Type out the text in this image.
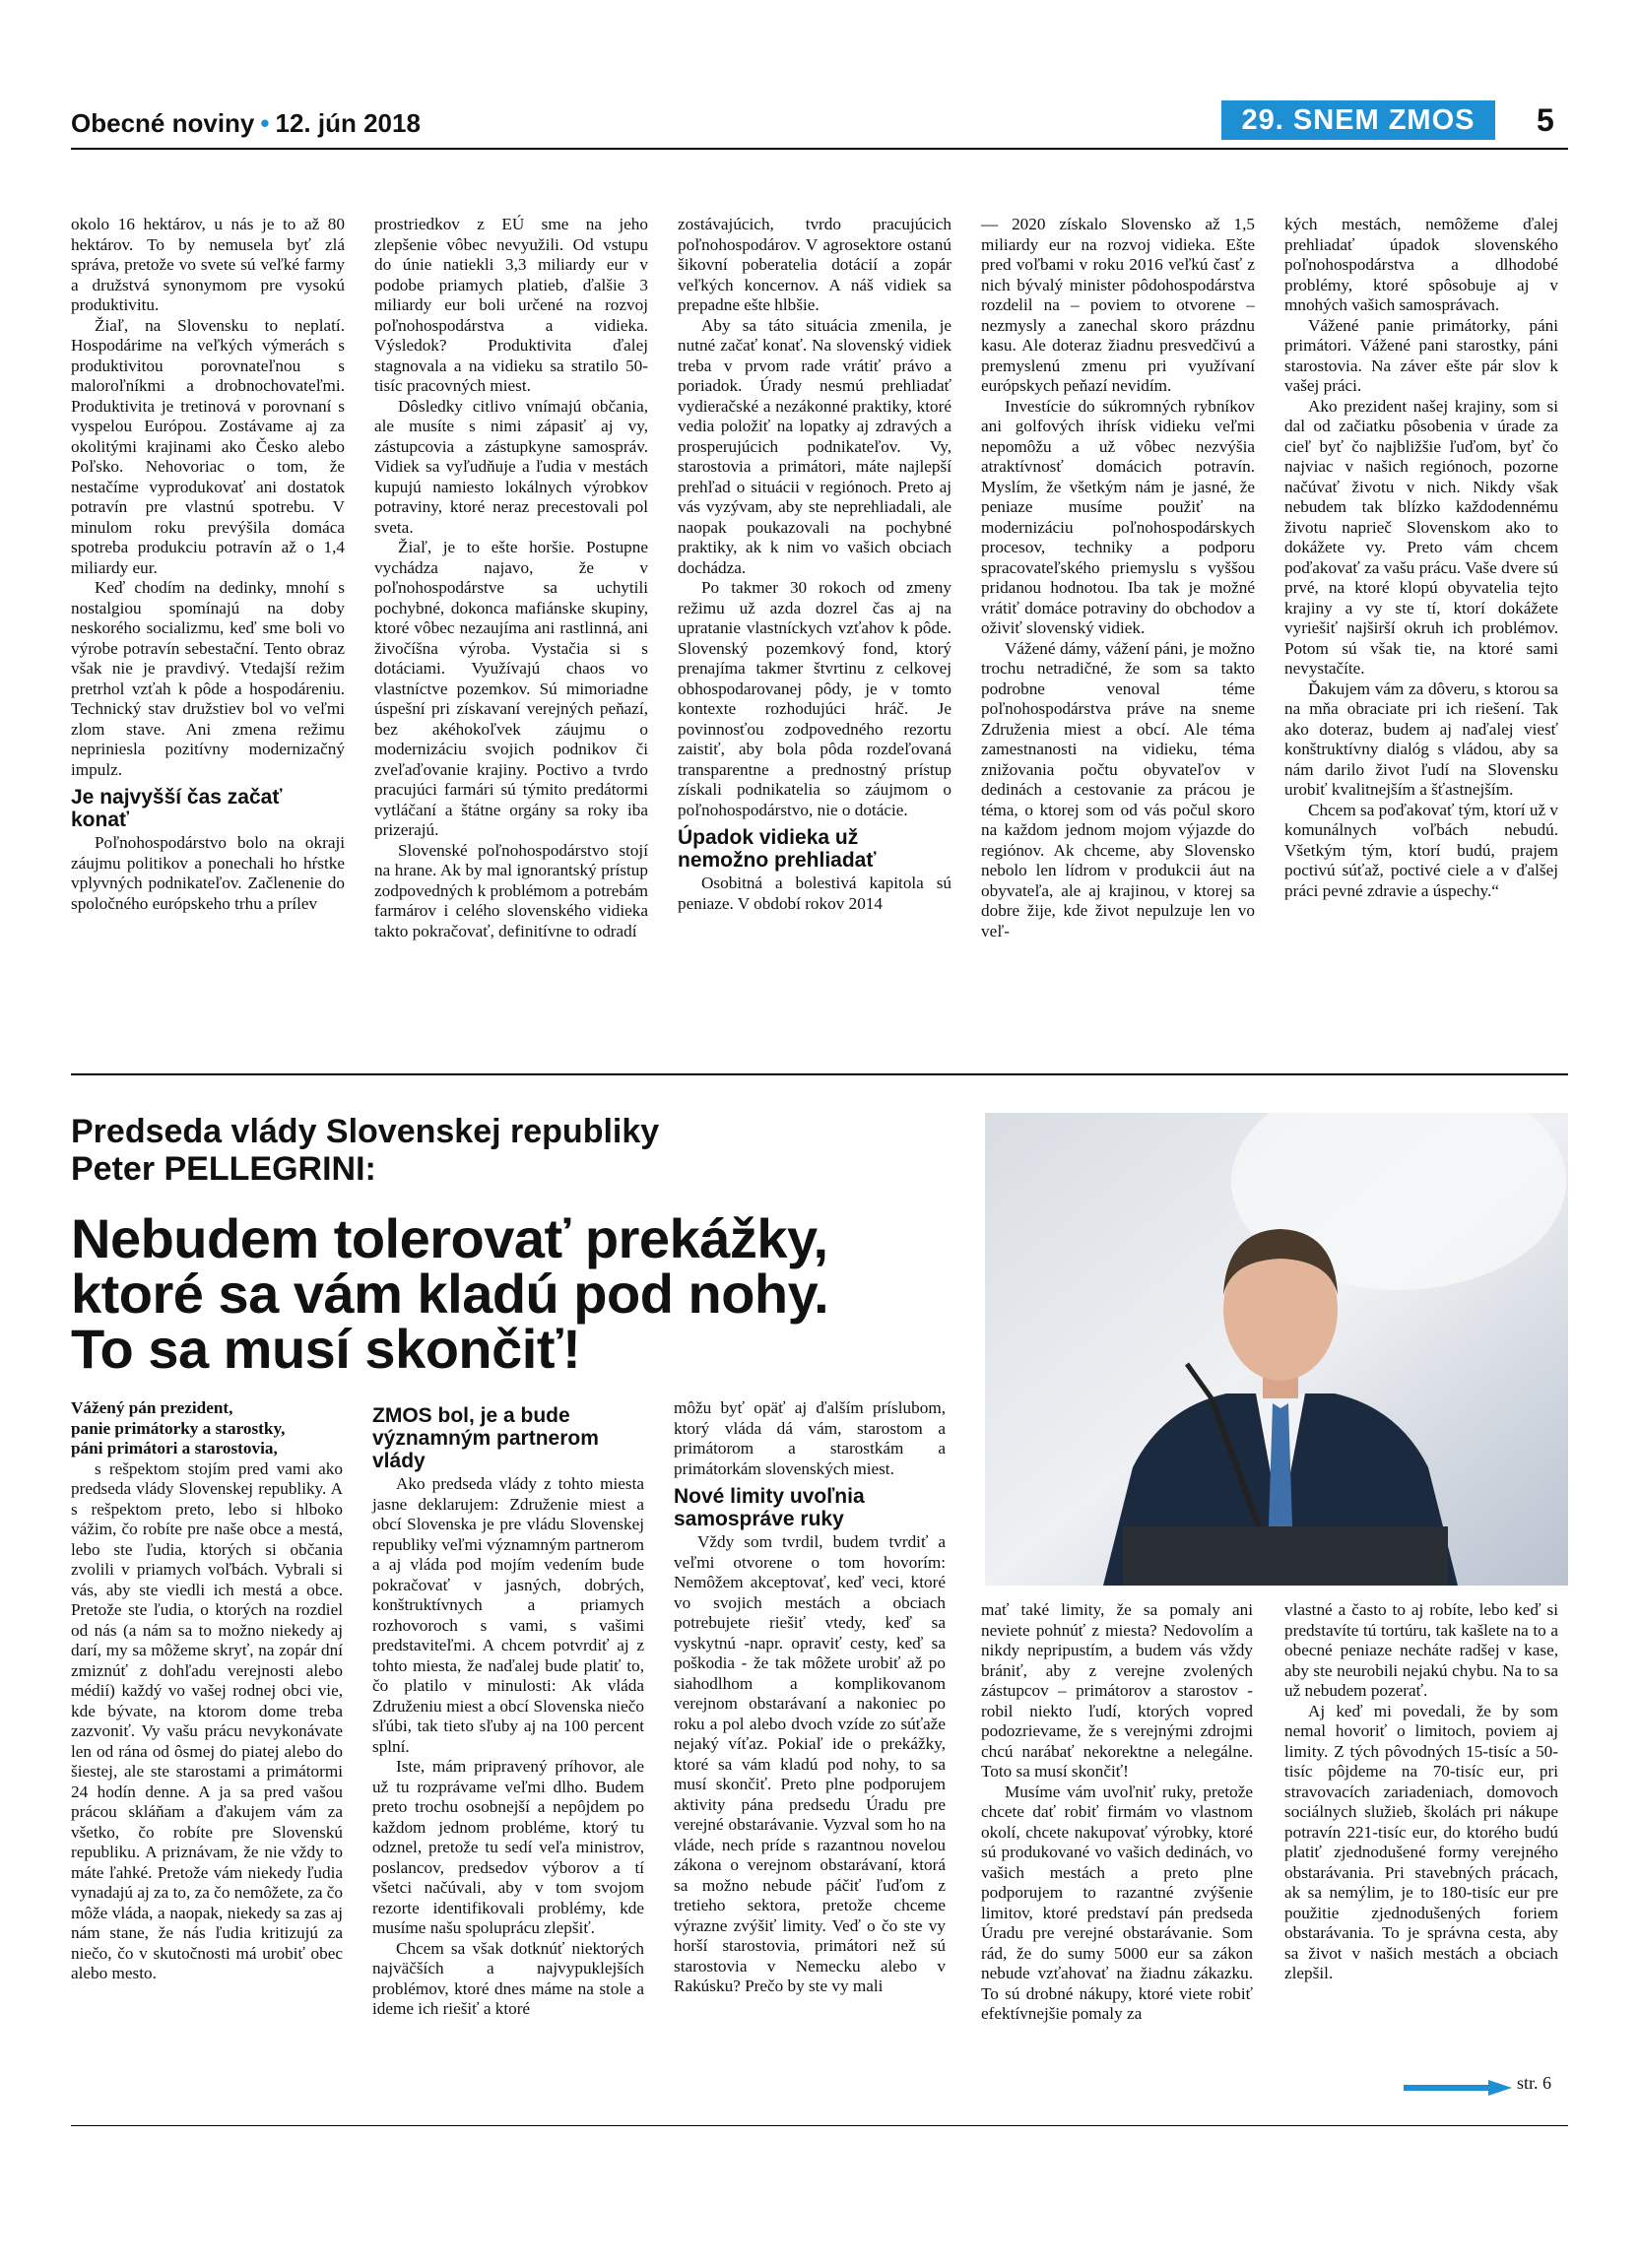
Obecné noviny • 12. jún 2018	29. SNEM ZMOS	5

okolo 16 hektárov, u nás je to až 80 hektárov. To by nemusela byť zlá správa, pretože vo svete sú veľké farmy a družstvá synonymom pre vysokú produktivitu.

Žiaľ, na Slovensku to neplatí. Hospodárime na veľkých výmerách s produktivitou porovnateľnou s maloroľníkmi a drobnochovateľmi. Produktivita je tretinová v porovnaní s vyspelou Európou. Zostávame aj za okolitými krajinami ako Česko alebo Poľsko. Nehovoriac o tom, že nestačíme vyprodukovať ani dostatok potravín pre vlastnú spotrebu. V minulom roku prevýšila domáca spotreba produkciu potravín až o 1,4 miliardy eur.

Keď chodím na dedinky, mnohí s nostalgiou spomínajú na doby neskorého socializmu, keď sme boli vo výrobe potravín sebestační. Tento obraz však nie je pravdivý. Vtedajší režim pretrhol vzťah k pôde a hospodáreniu. Technický stav družstiev bol vo veľmi zlom stave. Ani zmena režimu nepriniesla pozitívny modernizačný impulz.

Je najvyšší čas začať konať

Poľnohospodárstvo bolo na okraji záujmu politikov a ponechali ho hŕstke vplyvných podnikateľov. Začlenenie do spoločného európskeho trhu a prílev

prostriedkov z EÚ sme na jeho zlepšenie vôbec nevyužili. Od vstupu do únie natiekli 3,3 miliardy eur v podobe priamych platieb, ďalšie 3 miliardy eur boli určené na rozvoj poľnohospodárstva a vidieka. Výsledok? Produktivita ďalej stagnovala a na vidieku sa stratilo 50-tisíc pracovných miest.

Dôsledky citlivo vnímajú občania, ale musíte s nimi zápasiť aj vy, zástupcovia a zástupkyne samospráv. Vidiek sa vyľudňuje a ľudia v mestách kupujú namiesto lokálnych výrobkov potraviny, ktoré neraz precestovali pol sveta.

Žiaľ, je to ešte horšie. Postupne vychádza najavo, že v poľnohospodárstve sa uchytili pochybné, dokonca mafiánske skupiny, ktoré vôbec nezaujíma ani rastlinná, ani živočíšna výroba. Vystačia si s dotáciami. Využívajú chaos vo vlastníctve pozemkov. Sú mimoriadne úspešní pri získavaní verejných peňazí, bez akéhokoľvek záujmu o modernizáciu svojich podnikov či zveľaďovanie krajiny. Poctivo a tvrdo pracujúci farmári sú týmito predátormi vytláčaní a štátne orgány sa roky iba prizerajú.

Slovenské poľnohospodárstvo stojí na hrane. Ak by mal ignorantský prístup zodpovedných k problémom a potrebám farmárov i celého slovenského vidieka takto pokračovať, definitívne to odradí

zostávajúcich, tvrdo pracujúcich poľnohospodárov. V agrosektore ostanú šikovní poberatelia dotácií a zopár veľkých koncernov. A náš vidiek sa prepadne ešte hlbšie.

Aby sa táto situácia zmenila, je nutné začať konať. Na slovenský vidiek treba v prvom rade vrátiť právo a poriadok. Úrady nesmú prehliadať vydieračské a nezákonné praktiky, ktoré vedia položiť na lopatky aj zdravých a prosperujúcich podnikateľov. Vy, starostovia a primátori, máte najlepší prehľad o situácii v regiónoch. Preto aj vás vyzývam, aby ste neprehliadali, ale naopak poukazovali na pochybné praktiky, ak k nim vo vašich obciach dochádza.

Po takmer 30 rokoch od zmeny režimu už azda dozrel čas aj na upratanie vlastníckych vzťahov k pôde. Slovenský pozemkový fond, ktorý prenajíma takmer štvrtinu z celkovej obhospodarovanej pôdy, je v tomto kontexte rozhodujúci hráč. Je povinnosťou zodpovedného rezortu zaistiť, aby bola pôda rozdeľovaná transparentne a prednostný prístup získali podnikatelia so záujmom o poľnohospodárstvo, nie o dotácie.

Úpadok vidieka už nemožno prehliadať

Osobitná a bolestivá kapitola sú peniaze. V období rokov 2014

— 2020 získalo Slovensko až 1,5 miliardy eur na rozvoj vidieka. Ešte pred voľbami v roku 2016 veľkú časť z nich bývalý minister pôdohospodárstva rozdelil na – poviem to otvorene – nezmysly a zanechal skoro prázdnu kasu. Ale doteraz žiadnu presvedčivú a premyslenú zmenu pri využívaní európskych peňazí nevidím.

Investície do súkromných rybníkov ani golfových ihrísk vidieku veľmi nepomôžu a už vôbec nezvýšia atraktívnosť domácich potravín. Myslím, že všetkým nám je jasné, že peniaze musíme použiť na modernizáciu poľnohospodárskych procesov, techniky a podporu spracovateľského priemyslu s vyššou pridanou hodnotou. Iba tak je možné vrátiť domáce potraviny do obchodov a oživiť slovenský vidiek.

Vážené dámy, vážení páni, je možno trochu netradičné, že som sa takto podrobne venoval téme poľnohospodárstva práve na sneme Združenia miest a obcí. Ale téma zamestnanosti na vidieku, téma znižovania počtu obyvateľov v dedinách a cestovanie za prácou je téma, o ktorej som od vás počul skoro na každom jednom mojom výjazde do regiónov. Ak chceme, aby Slovensko nebolo len lídrom v produkcii áut na obyvateľa, ale aj krajinou, v ktorej sa dobre žije, kde život nepulzuje len vo veľ-

kých mestách, nemôžeme ďalej prehliadať úpadok slovenského poľnohospodárstva a dlhodobé problémy, ktoré spôsobuje aj v mnohých vašich samosprávach.

Vážené panie primátorky, páni primátori. Vážené pani starostky, páni starostovia. Na záver ešte pár slov k vašej práci.

Ako prezident našej krajiny, som si dal od začiatku pôsobenia v úrade za cieľ byť čo najbližšie ľuďom, byť čo najviac v našich regiónoch, pozorne načúvať životu v nich. Nikdy však nebudem tak blízko každodennému životu naprieč Slovenskom ako to dokážete vy. Preto vám chcem poďakovať za vašu prácu. Vaše dvere sú prvé, na ktoré klopú obyvatelia tejto krajiny a vy ste tí, ktorí dokážete vyriešiť najširší okruh ich problémov. Potom sú však tie, na ktoré sami nevystačíte.

Ďakujem vám za dôveru, s ktorou sa na mňa obraciate pri ich riešení. Tak ako doteraz, budem aj naďalej viesť konštruktívny dialóg s vládou, aby sa nám darilo život ľudí na Slovensku urobiť kvalitnejším a šťastnejším.

Chcem sa poďakovať tým, ktorí už v komunálnych voľbách nebudú. Všetkým tým, ktorí budú, prajem poctivú súťaž, poctivé ciele a v ďalšej práci pevné zdravie a úspechy.“

Predseda vlády Slovenskej republiky
Peter PELLEGRINI:
Nebudem tolerovať prekážky,
ktoré sa vám kladú pod nohy.
To sa musí skončiť!

Vážený pán prezident,

panie primátorky a starostky,

páni primátori a starostovia,

s rešpektom stojím pred vami ako predseda vlády Slovenskej republiky. A s rešpektom preto, lebo si hlboko vážim, čo robíte pre naše obce a mestá, lebo ste ľudia, ktorých si občania zvolili v priamych voľbách. Vybrali si vás, aby ste viedli ich mestá a obce. Pretože ste ľudia, o ktorých na rozdiel od nás (a nám sa to možno niekedy aj darí, my sa môžeme skryť, na zopár dní zmiznúť z dohľadu verejnosti alebo médií) každý vo vašej rodnej obci vie, kde bývate, na ktorom dome treba zazvoniť. Vy vašu prácu nevykonávate len od rána od ôsmej do piatej alebo do šiestej, ale ste starostami a primátormi 24 hodín denne. A ja sa pred vašou prácou skláňam a ďakujem vám za všetko, čo robíte pre Slovenskú republiku. A priznávam, že nie vždy to máte ľahké. Pretože vám niekedy ľudia vynadajú aj za to, za čo nemôžete, za čo môže vláda, a naopak, niekedy sa zas aj nám stane, že nás ľudia kritizujú za niečo, čo v skutočnosti má urobiť obec alebo mesto.

ZMOS bol, je a bude významným partnerom vlády

Ako predseda vlády z tohto miesta jasne deklarujem: Združenie miest a obcí Slovenska je pre vládu Slovenskej republiky veľmi významným partnerom a aj vláda pod mojím vedením bude pokračovať v jasných, dobrých, konštruktívnych a priamych rozhovoroch s vami, s vašimi predstaviteľmi. A chcem potvrdiť aj z tohto miesta, že naďalej bude platiť to, čo platilo v minulosti: Ak vláda Združeniu miest a obcí Slovenska niečo sľúbi, tak tieto sľuby aj na 100 percent splní.

Iste, mám pripravený príhovor, ale už tu rozprávame veľmi dlho. Budem preto trochu osobnejší a nepôjdem po každom jednom probléme, ktorý tu odznel, pretože tu sedí veľa ministrov, poslancov, predsedov výborov a tí všetci načúvali, aby v tom svojom rezorte identifikovali problémy, kde musíme našu spoluprácu zlepšiť.

Chcem sa však dotknúť niektorých najväčších a najvypuklejších problémov, ktoré dnes máme na stole a ideme ich riešiť a ktoré

môžu byť opäť aj ďalším príslubom, ktorý vláda dá vám, starostom a primátorom a starostkám a primátorkám slovenských miest.

Nové limity uvoľnia samospráve ruky

Vždy som tvrdil, budem tvrdiť a veľmi otvorene o tom hovorím: Nemôžem akceptovať, keď veci, ktoré vo svojich mestách a obciach potrebujete riešiť vtedy, keď sa vyskytnú -napr. opraviť cesty, keď sa poškodia - že tak môžete urobiť až po siahodlhom a komplikovanom verejnom obstarávaní a nakoniec po roku a pol alebo dvoch vzíde zo súťaže nejaký víťaz. Pokiaľ ide o prekážky, ktoré sa vám kladú pod nohy, to sa musí skončiť. Preto plne podporujem aktivity pána predsedu Úradu pre verejné obstarávanie. Vyzval som ho na vláde, nech príde s razantnou novelou zákona o verejnom obstarávaní, ktorá sa možno nebude páčiť ľuďom z tretieho sektora, pretože chceme výrazne zvýšiť limity. Veď o čo ste vy horší starostovia, primátori než sú starostovia v Nemecku alebo v Rakúsku? Prečo by ste vy mali

mať také limity, že sa pomaly ani neviete pohnúť z miesta? Nedovolím a nikdy nepripustím, a budem vás vždy brániť, aby z verejne zvolených zástupcov – primátorov a starostov - robil niekto ľudí, ktorých vopred podozrievame, že s verejnými zdrojmi chcú narábať nekorektne a nelegálne. Toto sa musí skončiť!

Musíme vám uvoľniť ruky, pretože chcete dať robiť firmám vo vlastnom okolí, chcete nakupovať výrobky, ktoré sú produkované vo vašich dedinách, vo vašich mestách a preto plne podporujem to razantné zvýšenie limitov, ktoré predstaví pán predseda Úradu pre verejné obstarávanie. Som rád, že do sumy 5000 eur sa zákon nebude vzťahovať na žiadnu zákazku. To sú drobné nákupy, ktoré viete robiť efektívnejšie pomaly za

vlastné a často to aj robíte, lebo keď si predstavíte tú tortúru, tak kašlete na to a obecné peniaze necháte radšej v kase, aby ste neurobili nejakú chybu. Na to sa už nebudem pozerať.

Aj keď mi povedali, že by som nemal hovoriť o limitoch, poviem aj limity. Z tých pôvodných 15-tisíc a 50-tisíc pôjdeme na 70-tisíc eur, pri stravovacích zariadeniach, domovoch sociálnych služieb, školách pri nákupe potravín 221-tisíc eur, do ktorého budú platiť zjednodušené formy verejného obstarávania. Pri stavebných prácach, ak sa nemýlim, je to 180-tisíc eur pre použitie zjednodušených foriem obstarávania. To je správna cesta, aby sa život v našich mestách a obciach zlepšil.

str. 6
